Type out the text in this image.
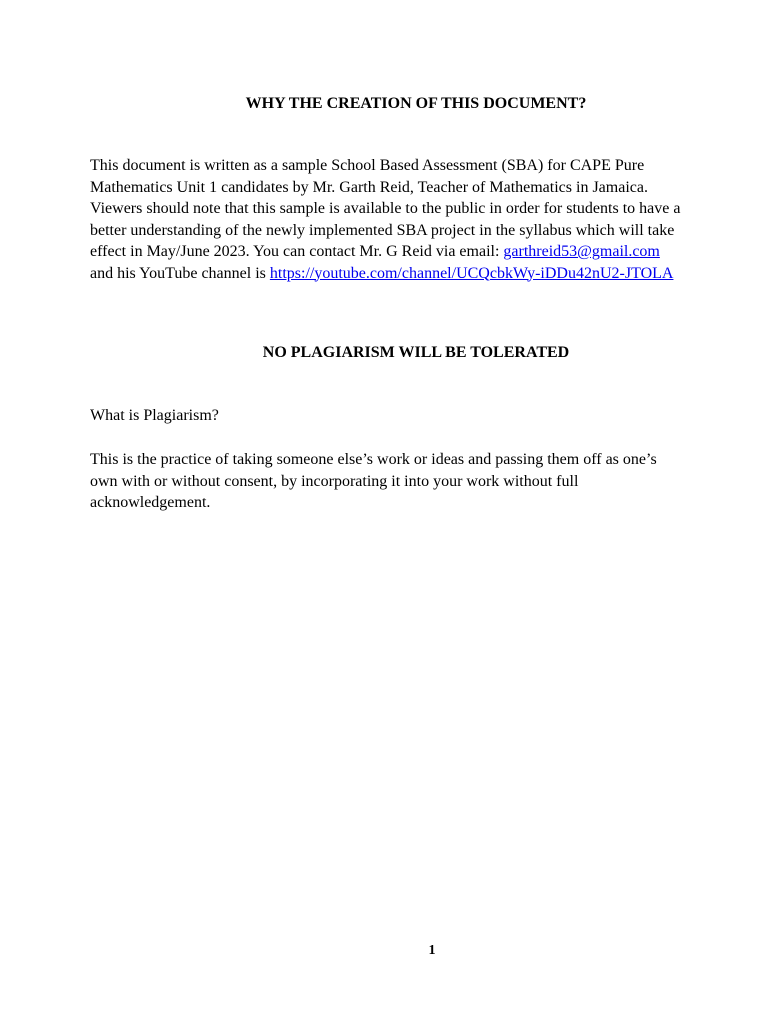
WHY THE CREATION OF THIS DOCUMENT?
This document is written as a sample School Based Assessment (SBA) for CAPE Pure
Mathematics Unit 1 candidates by Mr. Garth Reid, Teacher of Mathematics in Jamaica.
Viewers should note that this sample is available to the public in order for students to have a
better understanding of the newly implemented SBA project in the syllabus which will take
effect in May/June 2023. You can contact Mr. G Reid via email: garthreid53@gmail.com
and his YouTube channel is https://youtube.com/channel/UCQcbkWy-iDDu42nU2-JTOLA
NO PLAGIARISM WILL BE TOLERATED
What is Plagiarism?
This is the practice of taking someone else’s work or ideas and passing them off as one’s
own with or without consent, by incorporating it into your work without full
acknowledgement.
1
